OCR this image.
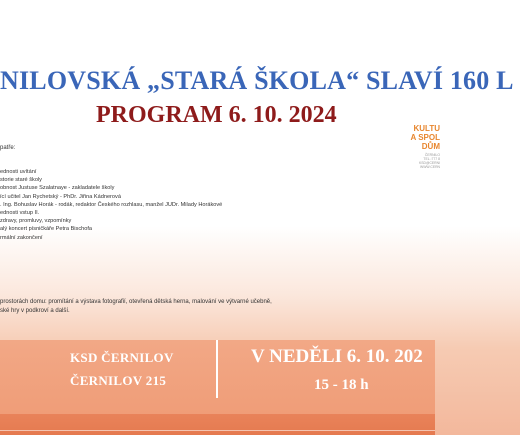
NILOVSKÁ „STARÁ ŠKOLA“ SLAVÍ 160 L
PROGRAM 6. 10. 2024
KULTU
A SPOL
DŮM
ČERNILO
TEL.:777 8
KSD@CERNI
WWW.CERN
patře:
ednosti uvítání
storie staré školy
obnost Justuse Szalatnaye - zakladatele školy
ící učitel Jan Rychetský - PhDr. Jiřina Kádnerová
. Ing. Bohuslav Horák - rodák, redaktor Českého rozhlasu, manžel JUDr. Milady Horákové
ednosti vstup II.
zdravy, promluvy, vzpomínky
alý koncert písničkáře Petra Bischofa
rmální zakončení
prostorách domu: promítání a výstava fotografií, otevřená dětská herna, malování ve výtvarné učebně,
ské hry v podkroví a další.
KSD ČERNILOV
ČERNILOV 215
V NEDĚLI 6. 10. 202
15 - 18 h
